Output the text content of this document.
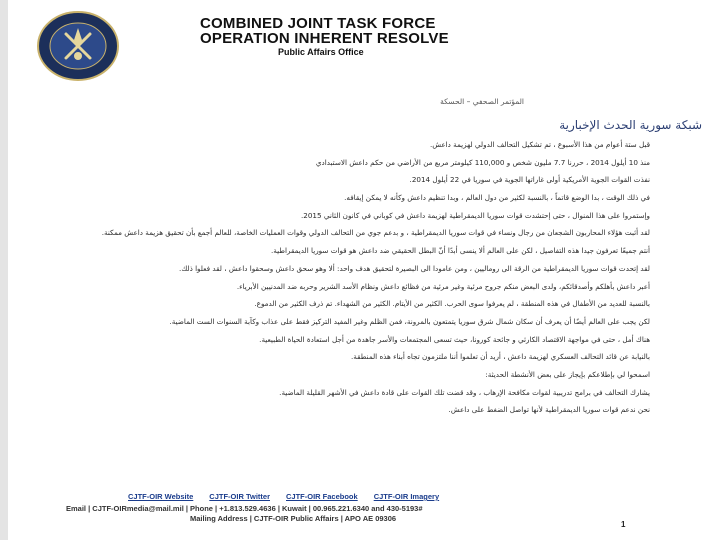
COMBINED JOINT TASK FORCE
OPERATION INHERENT RESOLVE
Public Affairs Office
شبكة سورية الحدث الإخبارية
المؤتمر الصحفي – الحسكة

قبل ستة أعوام من هذا الأسبوع ، تم تشكيل التحالف الدولي لهزيمة داعش.

منذ 10 أيلول 2014 ، حررنا 7.7 مليون شخص و 110,000 كيلومتر مربع من الأراضي من حكم داعش الاستبدادي

نفذت القوات الجوية الأمريكية أولى غاراتها الجوية في سوريا في 22 أيلول 2014.

في ذلك الوقت ، بدا الوضع قاتماً ، بالنسبة لكثير من دول العالم ، وبدا تنظيم داعش وكأنه لا يمكن إيقافه.

وإستمروا على هذا المنوال ، حتى إحتشدت قوات سوريا الديمقراطية لهزيمة داعش في كوباني في كانون الثاني 2015.

لقد أثبت هؤلاء المحاربون الشجعان من رجال ونساء في قوات سوريا الديمقراطية ، و بدعم جوي من التحالف الدولي وقوات العمليات الخاصة، للعالم أجمع بأن تحقيق هزيمة داعش ممكنة.

أنتم جميعًا تعرفون جيدا هذه التفاصيل ، لكن على العالم ألا ينسى أبدًا أنّ البطل الحقيقي ضد داعش هو قوات سوريا الديمقراطية.

لقد إتحدت قوات سوريا الديمقراطية من الرقة الى روماليين ، ومن عامودا الى البصيرة لتحقيق هدف واحد: ألا وهو سحق داعش وسحقوا داعش ، لقد فعلوا ذلك.

أعبر داعش بأهلكم وأصدقائكم، ولدى البعض منكم جروح مرئية وغير مرئية من فظائع داعش ونظام الأسد الشرير وحربه ضد المدنيين الأبرياء.

بالنسبة للعديد من الأطفال في هذه المنطقة ، لم يعرفوا سوى الحرب. الكثير من الأيتام. الكثير من الشهداء. تم ذرف الكثير من الدموع.

لكن يجب على العالم أيضًا أن يعرف أن سكان شمال شرق سوريا يتمتعون بالمرونة، فمن الظلم وغير المفيد التركيز فقط على عذاب وكآبة السنوات الست الماضية.

هناك أمل ، حتى في مواجهة الاقتصاد الكارثي و جائحة كورونا، حيث تسعى المجتمعات والأسر جاهدة من أجل استعادة الحياة الطبيعية.

بالنيابة عن قائد التحالف العسكري لهزيمة داعش ، أريد أن تعلموا أننا ملتزمون تجاه أبناء هذه المنطقة.

اسمحوا لي بإطلاعكم بإيجاز على بعض الأنشطة الحديثة:

يشارك التحالف في برامج تدريبية لقوات مكافحة الإرهاب ، وقد قضت تلك القوات على قادة داعش في الأشهر القليلة الماضية.

نحن ندعم قوات سوريا الديمقراطية لأنها تواصل الضغط على داعش.

CJTF-OIR Website CJTF-OIR Twitter CJTF-OIR Facebook CJTF-OIR Imagery
Email | CJTF-OIRmedia@mail.mil | Phone | +1.813.529.4636 | Kuwait | 00.965.221.6340 and 430-5193#
Mailing Address | CJTF-OIR Public Affairs | APO AE 09306
1
